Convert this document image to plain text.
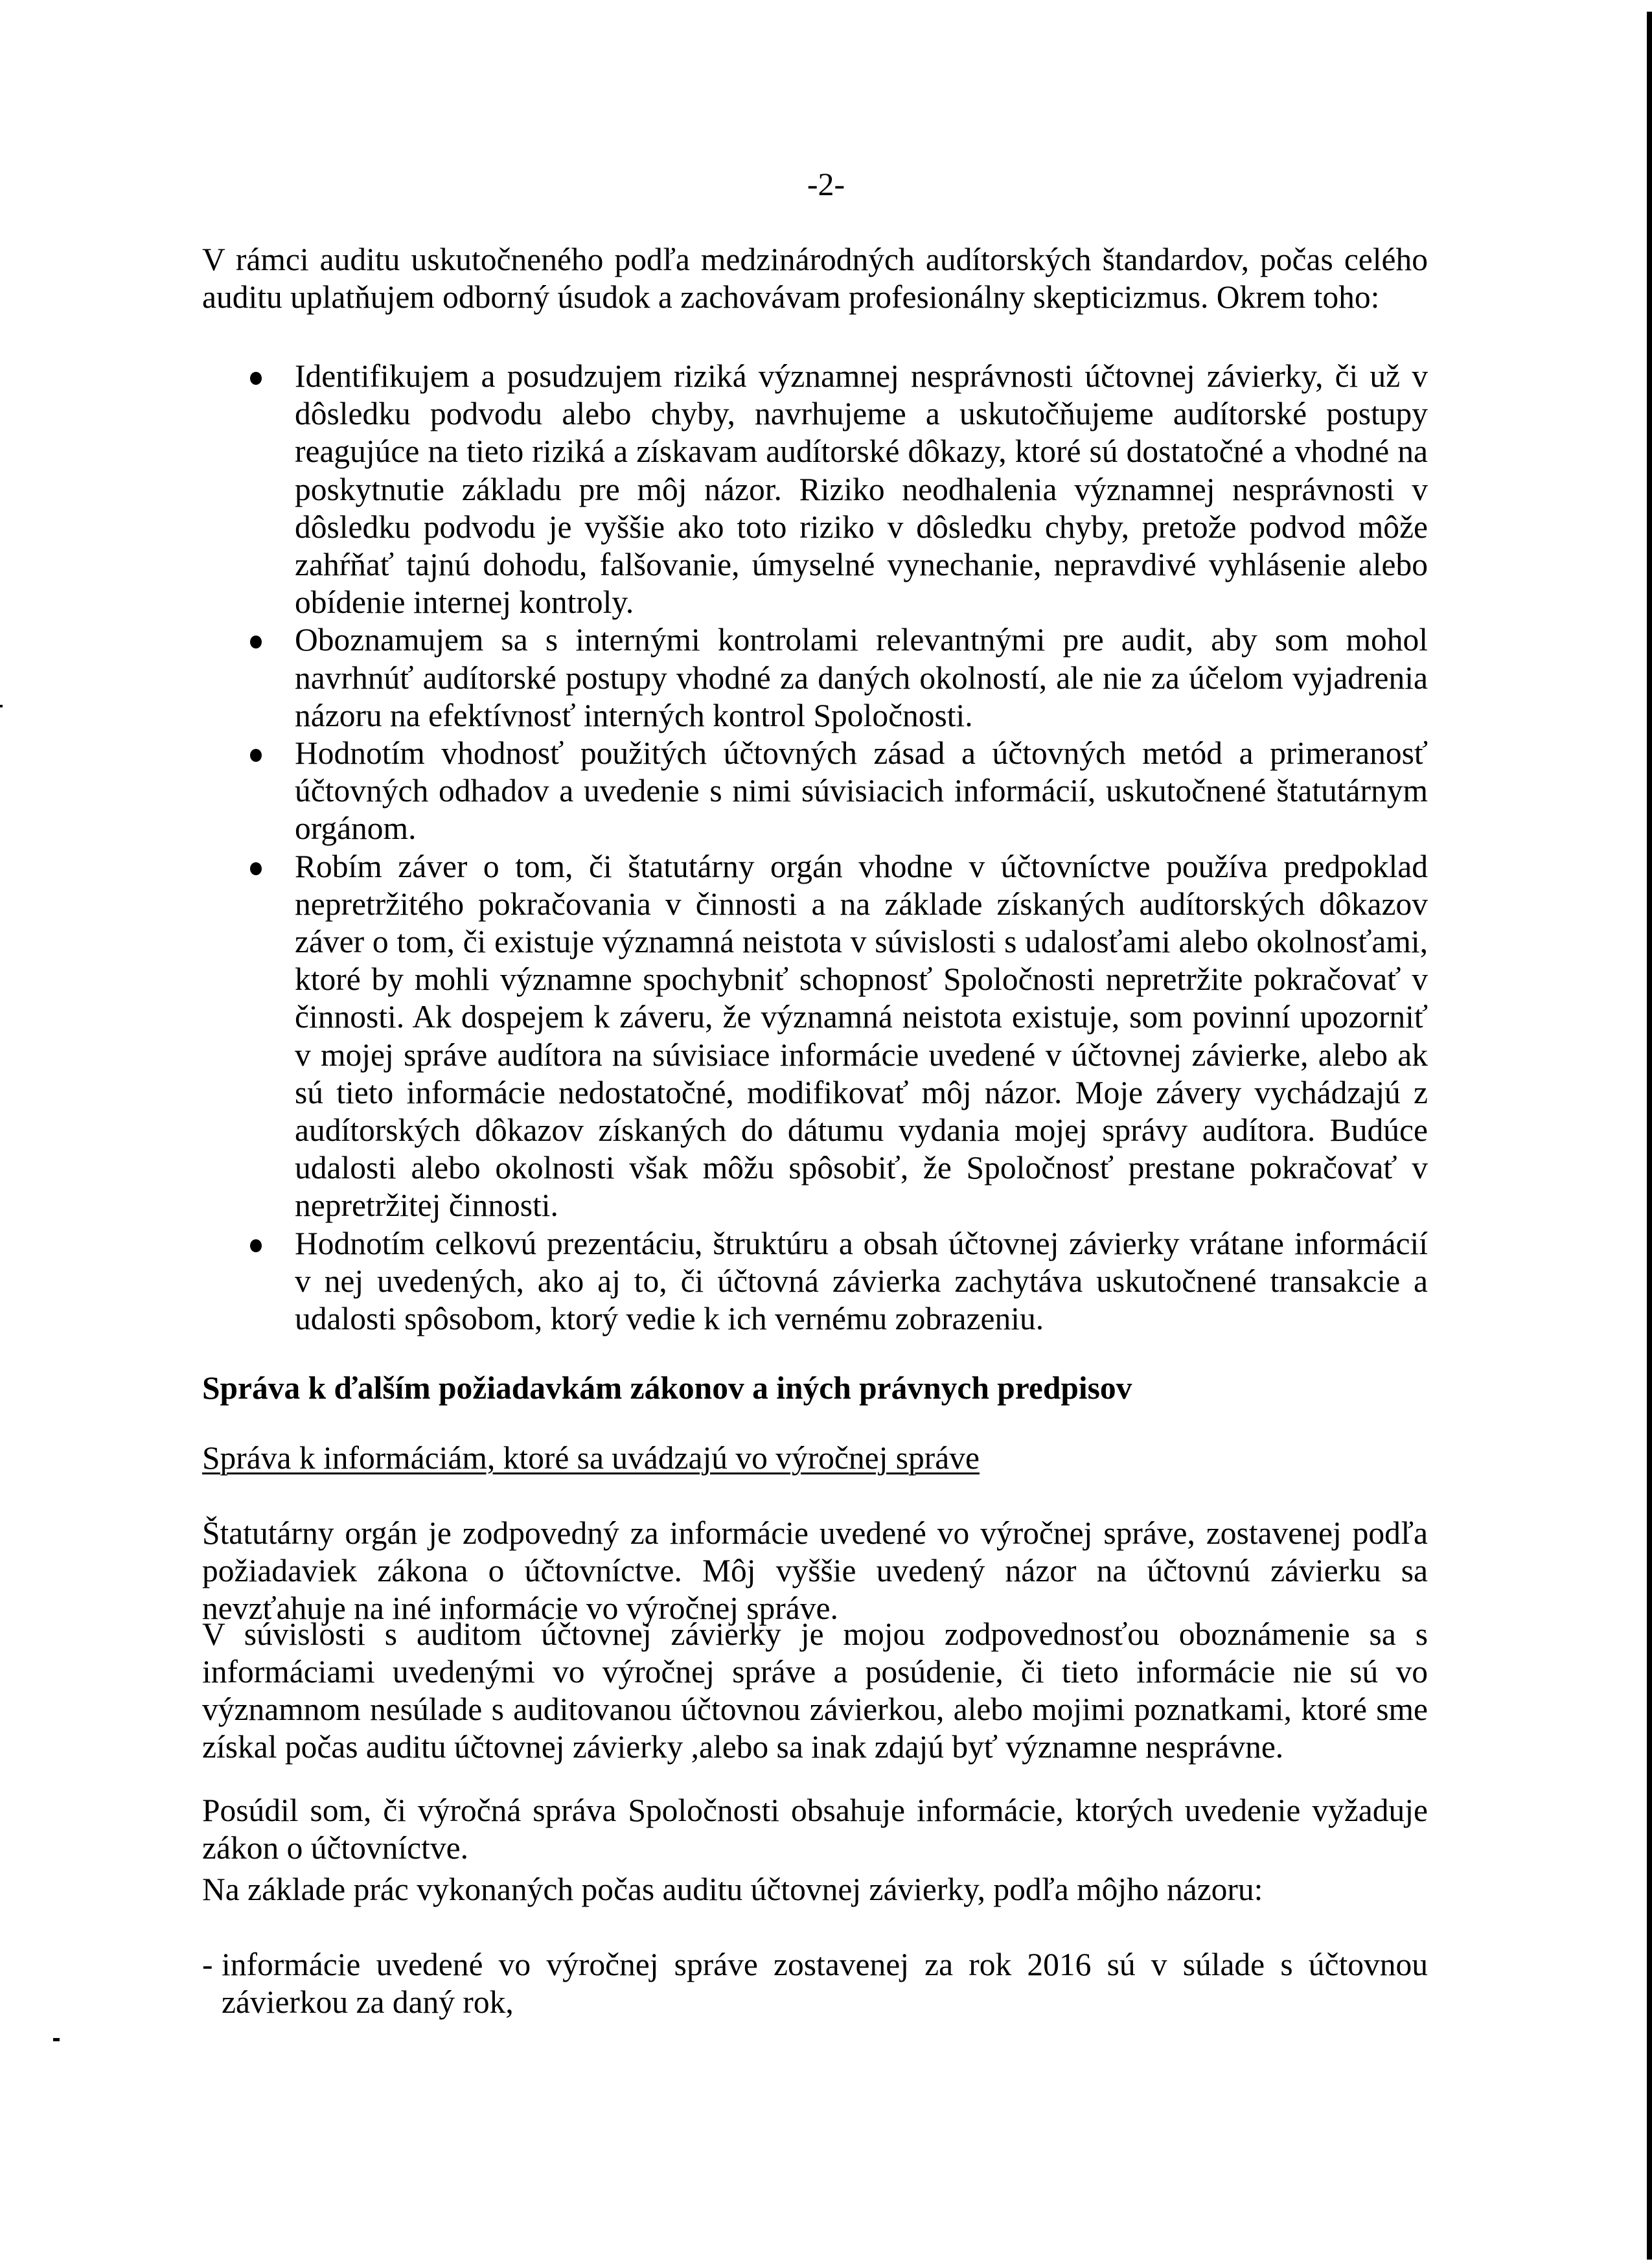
-2-

V rámci auditu uskutočneného podľa medzinárodných audítorských štandardov, počas celého auditu uplatňujem odborný úsudok a zachovávam profesionálny skepticizmus. Okrem toho:

Identifikujem a posudzujem riziká významnej nesprávnosti účtovnej závierky, či už v dôsledku podvodu alebo chyby, navrhujeme a uskutočňujeme audítorské postupy reagujúce na tieto riziká a získavam audítorské dôkazy, ktoré sú dostatočné a vhodné na poskytnutie základu pre môj názor. Riziko neodhalenia významnej nesprávnosti v dôsledku podvodu je vyššie ako toto riziko v dôsledku chyby, pretože podvod môže zahŕňať tajnú dohodu, falšovanie, úmyselné vynechanie, nepravdivé vyhlásenie alebo obídenie internej kontroly.
Oboznamujem sa s internými kontrolami relevantnými pre audit, aby som mohol navrhnúť audítorské postupy vhodné za daných okolností, ale nie za účelom vyjadrenia názoru na efektívnosť interných kontrol Spoločnosti.
Hodnotím vhodnosť použitých účtovných zásad a účtovných metód a primeranosť účtovných odhadov a uvedenie s nimi súvisiacich informácií, uskutočnené štatutárnym orgánom.
Robím záver o tom, či štatutárny orgán vhodne v účtovníctve používa predpoklad nepretržitého pokračovania v činnosti a na základe získaných audítorských dôkazov záver o tom, či existuje významná neistota v súvislosti s udalosťami alebo okolnosťami, ktoré by mohli významne spochybniť schopnosť Spoločnosti nepretržite pokračovať v činnosti. Ak dospejem k záveru, že významná neistota existuje, som povinní upozorniť v mojej správe audítora na súvisiace informácie uvedené v účtovnej závierke, alebo ak sú tieto informácie nedostatočné, modifikovať môj názor. Moje závery vychádzajú z audítorských dôkazov získaných do dátumu vydania mojej správy audítora. Budúce udalosti alebo okolnosti však môžu spôsobiť, že Spoločnosť prestane pokračovať v nepretržitej činnosti.
Hodnotím celkovú prezentáciu, štruktúru a obsah účtovnej závierky vrátane informácií v nej uvedených, ako aj to, či účtovná závierka zachytáva uskutočnené transakcie a udalosti spôsobom, ktorý vedie k ich vernému zobrazeniu.
Správa k ďalším požiadavkám zákonov a iných právnych predpisov
Správa k informáciám, ktoré sa uvádzajú vo výročnej správe

Štatutárny orgán je zodpovedný za informácie uvedené vo výročnej správe, zostavenej podľa požiadaviek zákona o účtovníctve. Môj vyššie uvedený názor na účtovnú závierku sa nevzťahuje na iné informácie vo výročnej správe.

V súvislosti s auditom účtovnej závierky je mojou zodpovednosťou oboznámenie sa s informáciami uvedenými vo výročnej správe a posúdenie, či tieto informácie nie sú vo významnom nesúlade s auditovanou účtovnou závierkou, alebo mojimi poznatkami, ktoré sme získal počas auditu účtovnej závierky ,alebo sa inak zdajú byť významne nesprávne.

Posúdil som, či výročná správa Spoločnosti obsahuje informácie, ktorých uvedenie vyžaduje zákon o účtovníctve.

Na základe prác vykonaných počas auditu účtovnej závierky, podľa môjho názoru:

- informácie uvedené vo výročnej správe zostavenej za rok 2016 sú v súlade s účtovnou závierkou za daný rok,
